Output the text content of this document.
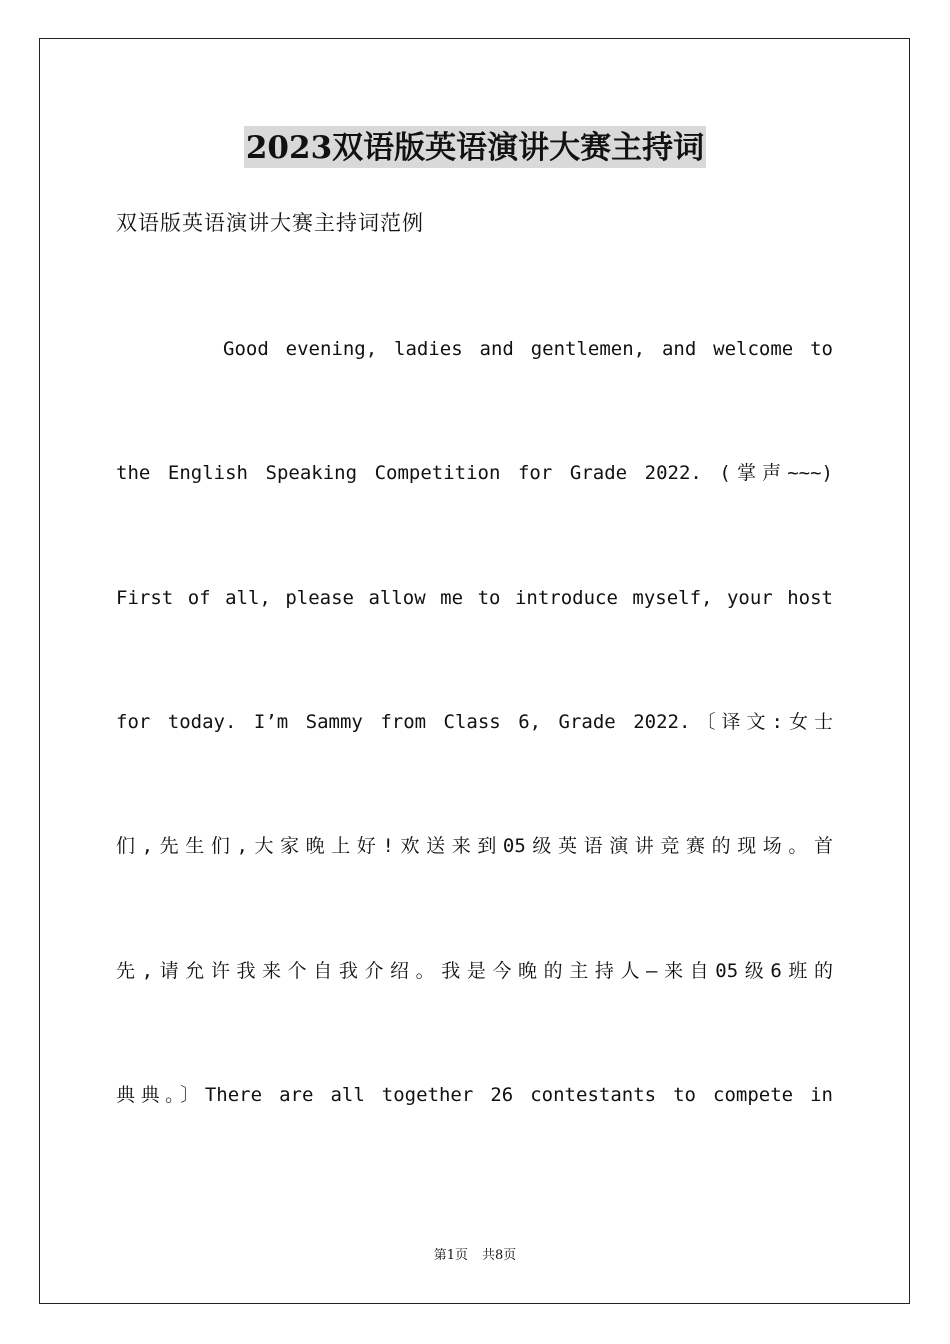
2023双语版英语演讲大赛主持词
双语版英语演讲大赛主持词范例
Good evening, ladies and gentlemen, and welcome to
the English Speaking Competition for Grade 2022. (掌声~~~)
First of all, please allow me to introduce myself, your host
for today. I’m Sammy from Class 6, Grade 2022.〔译文:女士
们,先生们,大家晚上好!欢送来到05级英语演讲竞赛的现场。首
先,请允许我来个自我介绍。我是今晚的主持人—来自05级6班的
典典。〕There are all together 26 contestants to compete in
第1页 共8页
